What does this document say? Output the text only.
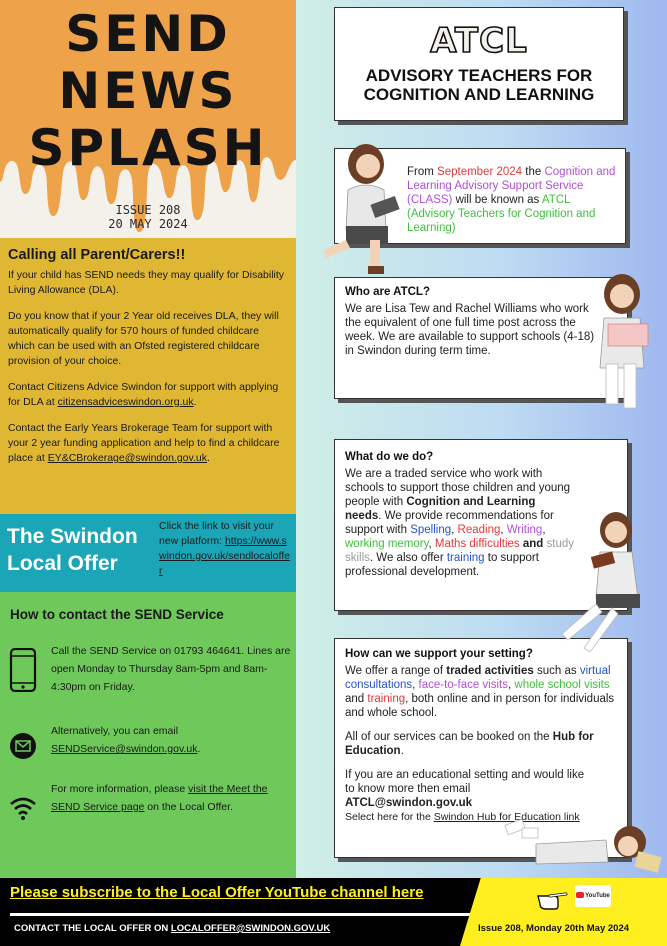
SEND
NEWS
SPLASH
ISSUE 208
20 MAY 2024
Calling all Parent/Carers!!

If your child has SEND needs they may qualify for Disability Living Allowance (DLA).

Do you know that if your 2 Year old receives DLA, they will automatically qualify for 570 hours of funded childcare which can be used with an Ofsted registered childcare provision of your choice.

Contact Citizens Advice Swindon for support with applying for DLA at citizensadviceswindon.org.uk.

Contact the Early Years Brokerage Team for support with your 2 year funding application and help to find a childcare place at EY&CBrokerage@swindon.gov.uk.

The Swindon
Local Offer
Click the link to visit your new platform: https://www.swindon.gov.uk/sendlocaloffer
How to contact the SEND Service
Call the SEND Service on 01793 464641. Lines are open Monday to Thursday 8am-5pm and 8am-4:30pm on Friday.
Alternatively, you can email
SENDService@swindon.gov.uk.
For more information, please visit the Meet the SEND Service page on the Local Offer.
ATCL
ADVISORY TEACHERS FOR
COGNITION AND LEARNING
From September 2024 the Cognition and Learning Advisory Support Service (CLASS) will be known as ATCL (Advisory Teachers for Cognition and Learning)
Who are ATCL?
We are Lisa Tew and Rachel Williams who work the equivalent of one full time post across the week. We are available to support schools (4-18) in Swindon during term time.
What do we do?
We are a traded service who work with schools to support those children and young people with Cognition and Learning needs. We provide recommendations for support with Spelling, Reading, Writing, working memory, Maths difficulties and study skills. We also offer training to support professional development.
How can we support your setting?

We offer a range of traded activities such as virtual consultations, face-to-face visits, whole school visits and training, both online and in person for individuals and whole school.

All of our services can be booked on the Hub for Education.

If you are an educational setting and would like to know more then email
ATCL@swindon.gov.uk
Select here for the Swindon Hub for Education link
Please subscribe to the Local Offer YouTube channel here	YouTube
CONTACT THE LOCAL OFFER ON LOCALOFFER@SWINDON.GOV.UK	Issue 208, Monday 20th May 2024
